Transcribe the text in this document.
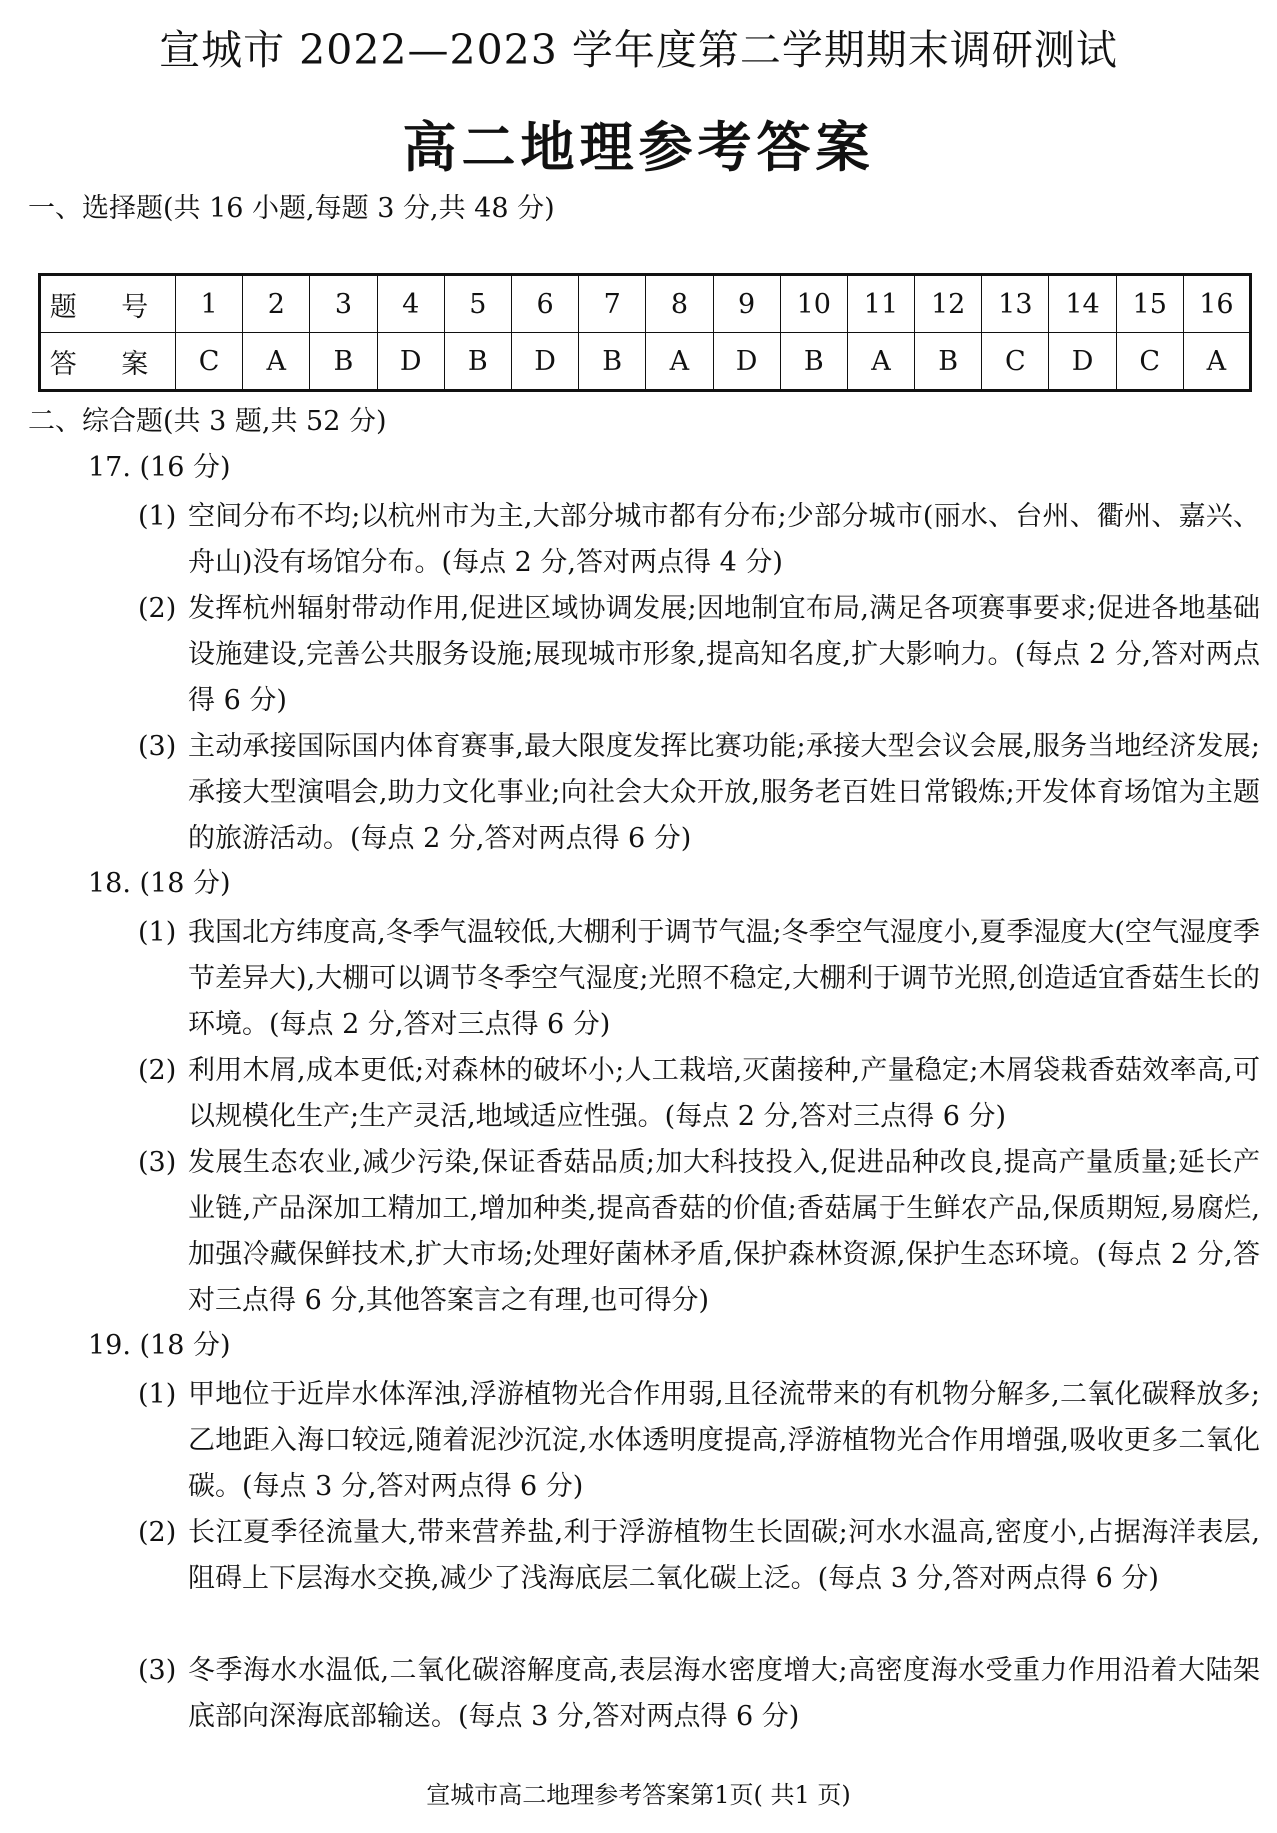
宣城市 2022—2023 学年度第二学期期末调研测试
高二地理参考答案
一、选择题(共 16 小题,每题 3 分,共 48 分)
题 号	1	2	3	4	5	6	7	8	9	10	11	12	13	14	15	16
答 案	C	A	B	D	B	D	B	A	D	B	A	B	C	D	C	A
二、综合题(共 3 题,共 52 分)
17. (16 分)
(1) 空间分布不均;以杭州市为主,大部分城市都有分布;少部分城市(丽水、台州、衢州、嘉兴、舟山)没有场馆分布。(每点 2 分,答对两点得 4 分)
(2) 发挥杭州辐射带动作用,促进区域协调发展;因地制宜布局,满足各项赛事要求;促进各地基础设施建设,完善公共服务设施;展现城市形象,提高知名度,扩大影响力。(每点 2 分,答对两点得 6 分)
(3) 主动承接国际国内体育赛事,最大限度发挥比赛功能;承接大型会议会展,服务当地经济发展;承接大型演唱会,助力文化事业;向社会大众开放,服务老百姓日常锻炼;开发体育场馆为主题的旅游活动。(每点 2 分,答对两点得 6 分)
18. (18 分)
(1) 我国北方纬度高,冬季气温较低,大棚利于调节气温;冬季空气湿度小,夏季湿度大(空气湿度季节差异大),大棚可以调节冬季空气湿度;光照不稳定,大棚利于调节光照,创造适宜香菇生长的环境。(每点 2 分,答对三点得 6 分)
(2) 利用木屑,成本更低;对森林的破坏小;人工栽培,灭菌接种,产量稳定;木屑袋栽香菇效率高,可以规模化生产;生产灵活,地域适应性强。(每点 2 分,答对三点得 6 分)
(3) 发展生态农业,减少污染,保证香菇品质;加大科技投入,促进品种改良,提高产量质量;延长产业链,产品深加工精加工,增加种类,提高香菇的价值;香菇属于生鲜农产品,保质期短,易腐烂,加强冷藏保鲜技术,扩大市场;处理好菌林矛盾,保护森林资源,保护生态环境。(每点 2 分,答对三点得 6 分,其他答案言之有理,也可得分)
19. (18 分)
(1) 甲地位于近岸水体浑浊,浮游植物光合作用弱,且径流带来的有机物分解多,二氧化碳释放多;乙地距入海口较远,随着泥沙沉淀,水体透明度提高,浮游植物光合作用增强,吸收更多二氧化碳。(每点 3 分,答对两点得 6 分)
(2) 长江夏季径流量大,带来营养盐,利于浮游植物生长固碳;河水水温高,密度小,占据海洋表层,阻碍上下层海水交换,减少了浅海底层二氧化碳上泛。(每点 3 分,答对两点得 6 分)
(3) 冬季海水水温低,二氧化碳溶解度高,表层海水密度增大;高密度海水受重力作用沿着大陆架底部向深海底部输送。(每点 3 分,答对两点得 6 分)
宣城市高二地理参考答案第1页( 共1 页)
